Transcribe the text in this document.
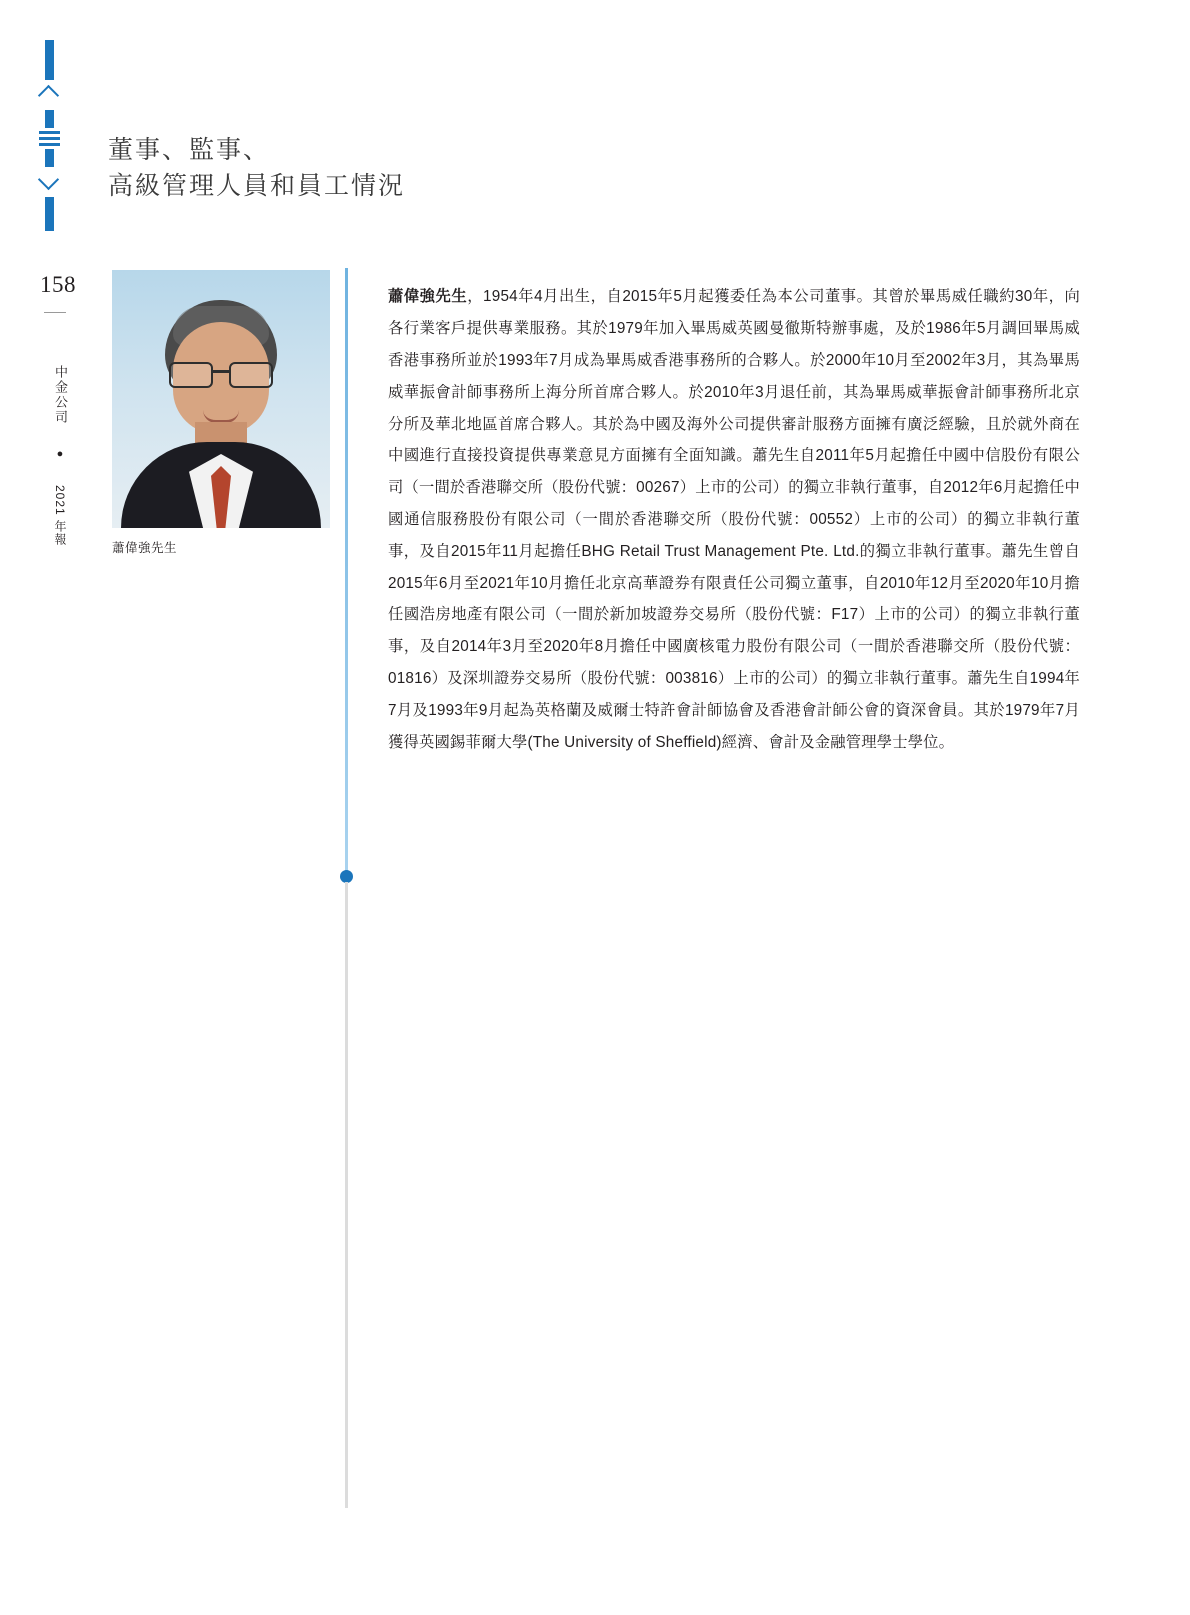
158
中金公司 ● 2021 年報
董事、監事、
高級管理人員和員工情況
蕭偉強先生

蕭偉強先生，1954年4月出生，自2015年5月起獲委任為本公司董事。其曾於畢馬威任職約30年，向各行業客戶提供專業服務。其於1979年加入畢馬威英國曼徹斯特辦事處，及於1986年5月調回畢馬威香港事務所並於1993年7月成為畢馬威香港事務所的合夥人。於2000年10月至2002年3月，其為畢馬威華振會計師事務所上海分所首席合夥人。於2010年3月退任前，其為畢馬威華振會計師事務所北京分所及華北地區首席合夥人。其於為中國及海外公司提供審計服務方面擁有廣泛經驗，且於就外商在中國進行直接投資提供專業意見方面擁有全面知識。蕭先生自2011年5月起擔任中國中信股份有限公司（一間於香港聯交所（股份代號：00267）上市的公司）的獨立非執行董事，自2012年6月起擔任中國通信服務股份有限公司（一間於香港聯交所（股份代號：00552）上市的公司）的獨立非執行董事，及自2015年11月起擔任BHG Retail Trust Management Pte. Ltd.的獨立非執行董事。蕭先生曾自2015年6月至2021年10月擔任北京高華證券有限責任公司獨立董事，自2010年12月至2020年10月擔任國浩房地產有限公司（一間於新加坡證券交易所（股份代號：F17）上市的公司）的獨立非執行董事，及自2014年3月至2020年8月擔任中國廣核電力股份有限公司（一間於香港聯交所（股份代號：01816）及深圳證券交易所（股份代號：003816）上市的公司）的獨立非執行董事。蕭先生自1994年7月及1993年9月起為英格蘭及威爾士特許會計師協會及香港會計師公會的資深會員。其於1979年7月獲得英國錫菲爾大學(The University of Sheffield)經濟、會計及金融管理學士學位。
